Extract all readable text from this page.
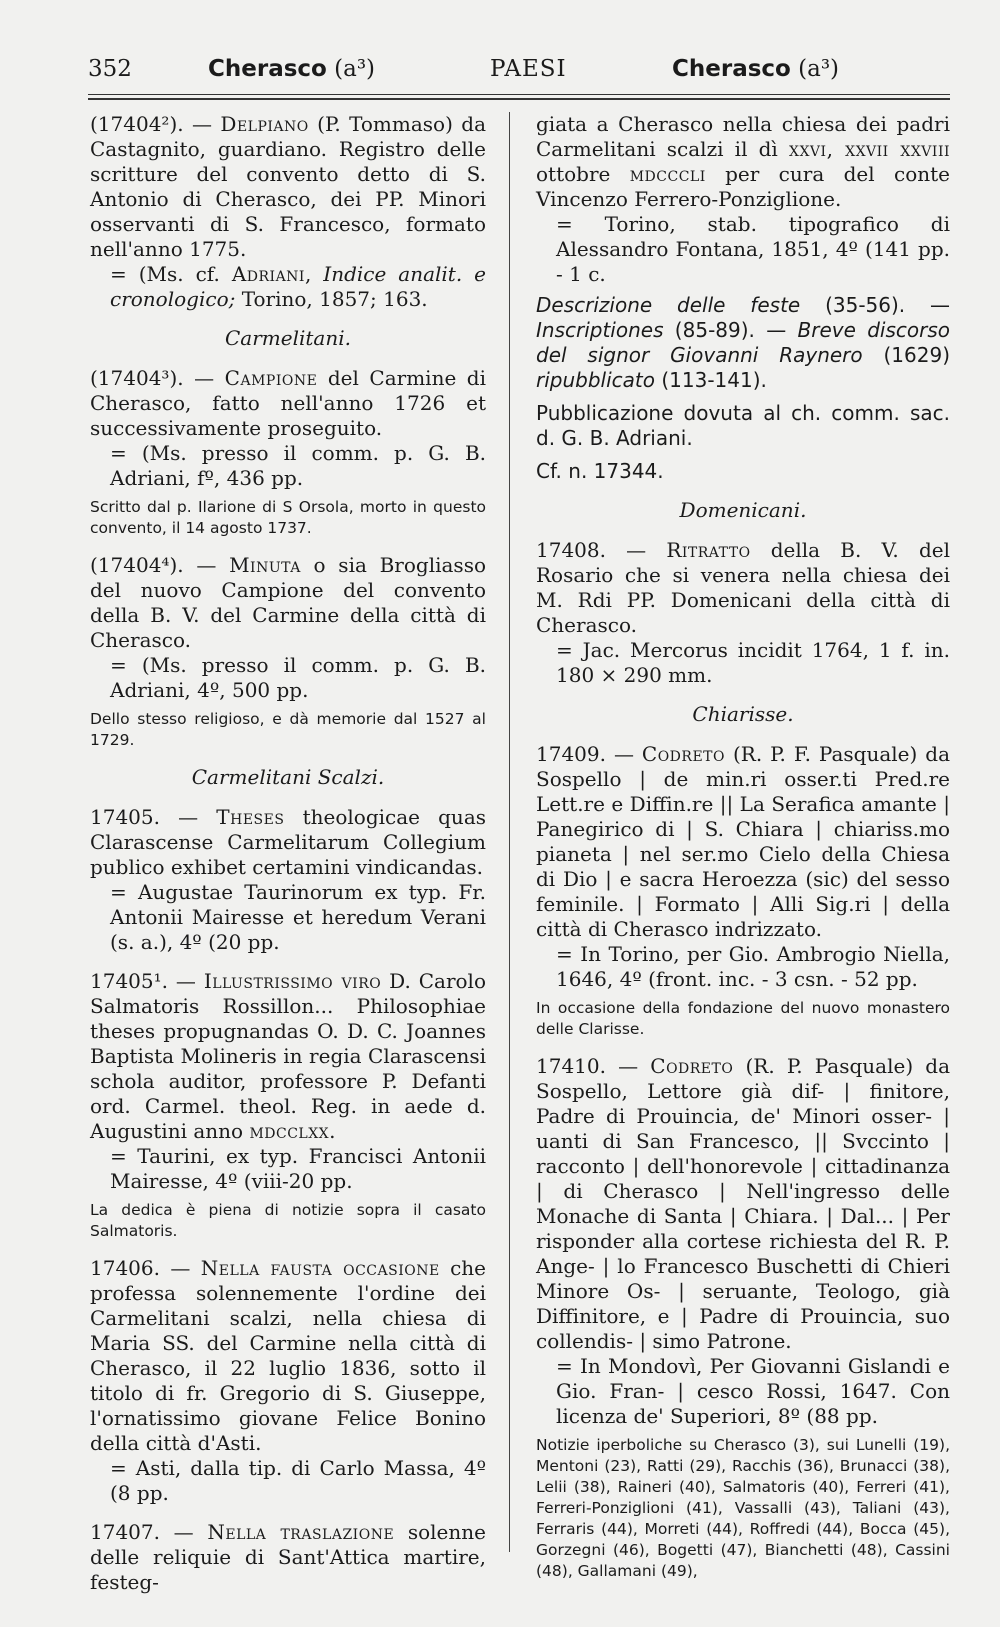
352	Cherasco (a³)	PAESI	Cherasco (a³)

(17404²). — Delpiano (P. Tommaso) da Castagnito, guardiano. Registro delle scritture del convento detto di S. Antonio di Cherasco, dei PP. Minori osservanti di S. Francesco, formato nell'anno 1775.

= (Ms. cf. Adriani, Indice analit. e cronologico; Torino, 1857; 163.

Carmelitani.

(17404³). — Campione del Carmine di Cherasco, fatto nell'anno 1726 et successivamente proseguito.

= (Ms. presso il comm. p. G. B. Adriani, fº, 436 pp.

Scritto dal p. Ilarione di S Orsola, morto in questo convento, il 14 agosto 1737.

(17404⁴). — Minuta o sia Brogliasso del nuovo Campione del convento della B. V. del Carmine della città di Cherasco.

= (Ms. presso il comm. p. G. B. Adriani, 4º, 500 pp.

Dello stesso religioso, e dà memorie dal 1527 al 1729.

Carmelitani Scalzi.

17405. — Theses theologicae quas Clarascense Carmelitarum Collegium publico exhibet certamini vindicandas.

= Augustae Taurinorum ex typ. Fr. Antonii Mairesse et heredum Verani (s. a.), 4º (20 pp.

17405¹. — Illustrissimo viro D. Carolo Salmatoris Rossillon... Philosophiae theses propugnandas O. D. C. Joannes Baptista Molineris in regia Clarascensi schola auditor, professore P. Defanti ord. Carmel. theol. Reg. in aede d. Augustini anno mdcclxx.

= Taurini, ex typ. Francisci Antonii Mairesse, 4º (viii-20 pp.

La dedica è piena di notizie sopra il casato Salmatoris.

17406. — Nella fausta occasione che professa solennemente l'ordine dei Carmelitani scalzi, nella chiesa di Maria SS. del Carmine nella città di Cherasco, il 22 luglio 1836, sotto il titolo di fr. Gregorio di S. Giuseppe, l'ornatissimo giovane Felice Bonino della città d'Asti.

= Asti, dalla tip. di Carlo Massa, 4º (8 pp.

17407. — Nella traslazione solenne delle reliquie di Sant'Attica martire, festeg-

giata a Cherasco nella chiesa dei padri Carmelitani scalzi il dì xxvi, xxvii xxviii ottobre mdcccli per cura del conte Vincenzo Ferrero-Ponziglione.

= Torino, stab. tipografico di Alessandro Fontana, 1851, 4º (141 pp. - 1 c.

Descrizione delle feste (35-56). — Inscriptiones (85-89). — Breve discorso del signor Giovanni Raynero (1629) ripubblicato (113-141).

Pubblicazione dovuta al ch. comm. sac. d. G. B. Adriani.

Cf. n. 17344.

Domenicani.

17408. — Ritratto della B. V. del Rosario che si venera nella chiesa dei M. Rdi PP. Domenicani della città di Cherasco.

= Jac. Mercorus incidit 1764, 1 f. in. 180 × 290 mm.

Chiarisse.

17409. — Codreto (R. P. F. Pasquale) da Sospello | de min.ri osser.ti Pred.re Lett.re e Diffin.re || La Serafica amante | Panegirico di | S. Chiara | chiariss.mo pianeta | nel ser.mo Cielo della Chiesa di Dio | e sacra Heroezza (sic) del sesso feminile. | Formato | Alli Sig.ri | della città di Cherasco indrizzato.

= In Torino, per Gio. Ambrogio Niella, 1646, 4º (front. inc. - 3 csn. - 52 pp.

In occasione della fondazione del nuovo monastero delle Clarisse.

17410. — Codreto (R. P. Pasquale) da Sospello, Lettore già dif- | finitore, Padre di Prouincia, de' Minori osser- | uanti di San Francesco, || Svccinto | racconto | dell'honorevole | cittadinanza | di Cherasco | Nell'ingresso delle Monache di Santa | Chiara. | Dal... | Per risponder alla cortese richiesta del R. P. Ange- | lo Francesco Buschetti di Chieri Minore Os- | seruante, Teologo, già Diffinitore, e | Padre di Prouincia, suo collendis- | simo Patrone.

= In Mondovì, Per Giovanni Gislandi e Gio. Fran- | cesco Rossi, 1647. Con licenza de' Superiori, 8º (88 pp.

Notizie iperboliche su Cherasco (3), sui Lunelli (19), Mentoni (23), Ratti (29), Racchis (36), Brunacci (38), Lelii (38), Raineri (40), Salmatoris (40), Ferreri (41), Ferreri-Ponziglioni (41), Vassalli (43), Taliani (43), Ferraris (44), Morreti (44), Roffredi (44), Bocca (45), Gorzegni (46), Bogetti (47), Bianchetti (48), Cassini (48), Gallamani (49),
